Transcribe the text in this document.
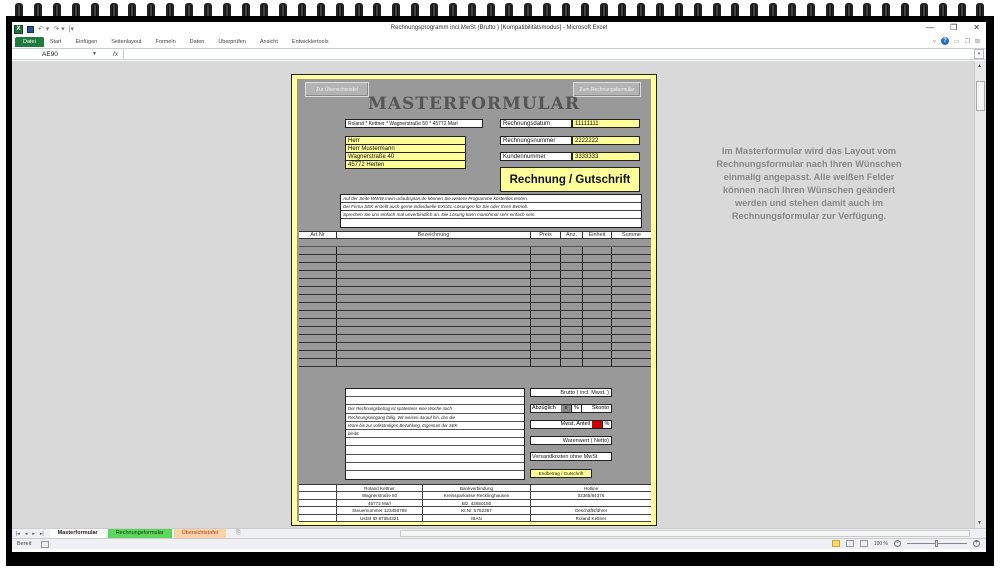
X	↶ ▾ ↷ ▾ |▾	Rechnungsprogramm incl.MwSt (Brutto ) [Kompatibilitätsmodus] - Microsoft Excel	— ❐ ✕
Datei	Start	Einfügen	Seitenlayout	Formeln	Daten	Überprüfen	Ansicht	Entwicklertools	▿	?	▭ ❐ ⊠
AE90	▼ fx	▾
Zur Übersichtstafel	Zum Rechnungsformular
MASTERFORMULAR
Roland * Kettner * Wagnerstraße 50 * 45772 Marl
Herr
Herr Mustermann
Wagnerstraße 40
45772 Herten
Rechnungsdatum	11111111
Rechnungsnummer	2222222
Kundennummer	3333333
Rechnung / Gutschrift
Auf der Seite WWW.mein-urlaubsplan.de können Sie weitere Programme kostenlos testen.
Die Firma SEK erstellt auch gerne individuelle EXCEL-Lösungen für Sie oder Ihren Betrieb.
Sprechen Sie uns einfach mal unverbindlich an. Die Lösung kann manchmal sehr einfach sein.
Art.Nr	Bezeichnung	Preis	Anz.	Einheit	Summe
Der Rechnungsbetrag ist spätestens eine Woche nach
Rechnungseingang fällig. Wir weisen darauf hin, das die
Ware bis zur vollständigen Bezahlung, Eigentum der SEK
bleibt.
Brutto ( incl. Mwst. )
Abzüglich	x	%	Skonto
Mwst. Anteil 19 %
Warenwert ( Netto)
Versandkosten ohne MwSt
Endbetrag / Gutschrift
Roland Kettner	Bankverbindung	Hotline
Wagnerstraße 50	Kreissparkasse Recklinghausen	02365/84376
45772 Marl	Blz. 42650150
Steuernummer 123456789	Kt.Nr. 5752357	Geschäftsführer
UstSt ID 87654321	IBAN	Roland Kettner
Im Masterformular wird das Layout vom Rechnungsformular nach Ihren Wünschen einmalig angepasst. Alle weißen Felder können nach Ihren Wünschen geändert werden und stehen damit auch im Rechnungsformular zur Verfügung.
▲
▼
|◂ ◂ ▸ ▸|	Masterformular	Rechnungsformular	Übersichtstafel	⎘
Bereit	100 % −	+
